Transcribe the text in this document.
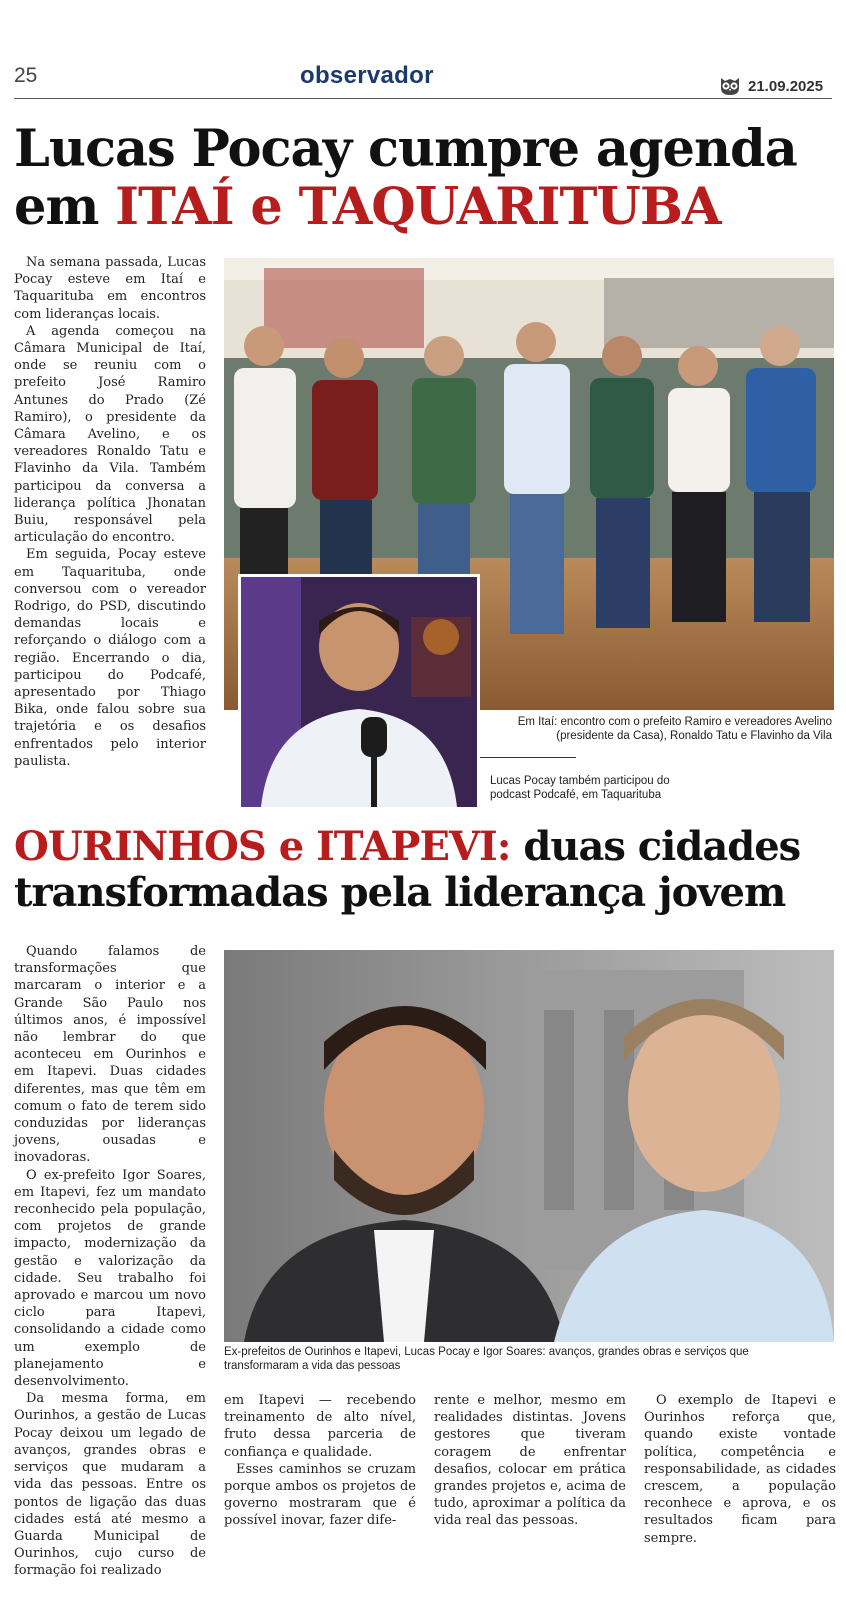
25	observador	21.09.2025
Lucas Pocay cumpre agenda
em ITAÍ e TAQUARITUBA

Na semana passada, Lucas Pocay esteve em Itaí e Taquarituba em encontros com lideranças locais.

A agenda começou na Câmara Municipal de Itaí, onde se reuniu com o prefeito José Ramiro Antunes do Prado (Zé Ramiro), o presidente da Câmara Avelino, e os vereadores Ronaldo Tatu e Flavinho da Vila. Também participou da conversa a liderança política Jhonatan Buiu, responsável pela articulação do encontro.

Em seguida, Pocay esteve em Taquarituba, onde conversou com o vereador Rodrigo, do PSD, discutindo demandas locais e reforçando o diálogo com a região. Encerrando o dia, participou do Podcafé, apresentado por Thiago Bika, onde falou sobre sua trajetória e os desafios enfrentados pelo interior paulista.

Em Itaí: encontro com o prefeito Ramiro e vereadores Avelino (presidente da Casa), Ronaldo Tatu e Flavinho da Vila
Lucas Pocay também participou do podcast Podcafé, em Taquarituba
OURINHOS e ITAPEVI: duas cidades
transformadas pela liderança jovem

Quando falamos de transformações que marcaram o interior e a Grande São Paulo nos últimos anos, é impossível não lembrar do que aconteceu em Ourinhos e em Itapevi. Duas cidades diferentes, mas que têm em comum o fato de terem sido conduzidas por lideranças jovens, ousadas e inovadoras.

O ex-prefeito Igor Soares, em Itapevi, fez um mandato reconhecido pela população, com projetos de grande impacto, modernização da gestão e valorização da cidade. Seu trabalho foi aprovado e marcou um novo ciclo para Itapevi, consolidando a cidade como um exemplo de planejamento e desenvolvimento.

Da mesma forma, em Ourinhos, a gestão de Lucas Pocay deixou um legado de avanços, grandes obras e serviços que mudaram a vida das pessoas. Entre os pontos de ligação das duas cidades está até mesmo a Guarda Municipal de Ourinhos, cujo curso de formação foi realizado

Ex-prefeitos de Ourinhos e Itapevi, Lucas Pocay e Igor Soares: avanços, grandes obras e serviços que transformaram a vida das pessoas

em Itapevi — recebendo treinamento de alto nível, fruto dessa parceria de confiança e qualidade.

Esses caminhos se cruzam porque ambos os projetos de governo mostraram que é possível inovar, fazer dife-

rente e melhor, mesmo em realidades distintas. Jovens gestores que tiveram coragem de enfrentar desafios, colocar em prática grandes projetos e, acima de tudo, aproximar a política da vida real das pessoas.

O exemplo de Itapevi e Ourinhos reforça que, quando existe vontade política, competência e responsabilidade, as cidades crescem, a população reconhece e aprova, e os resultados ficam para sempre.
